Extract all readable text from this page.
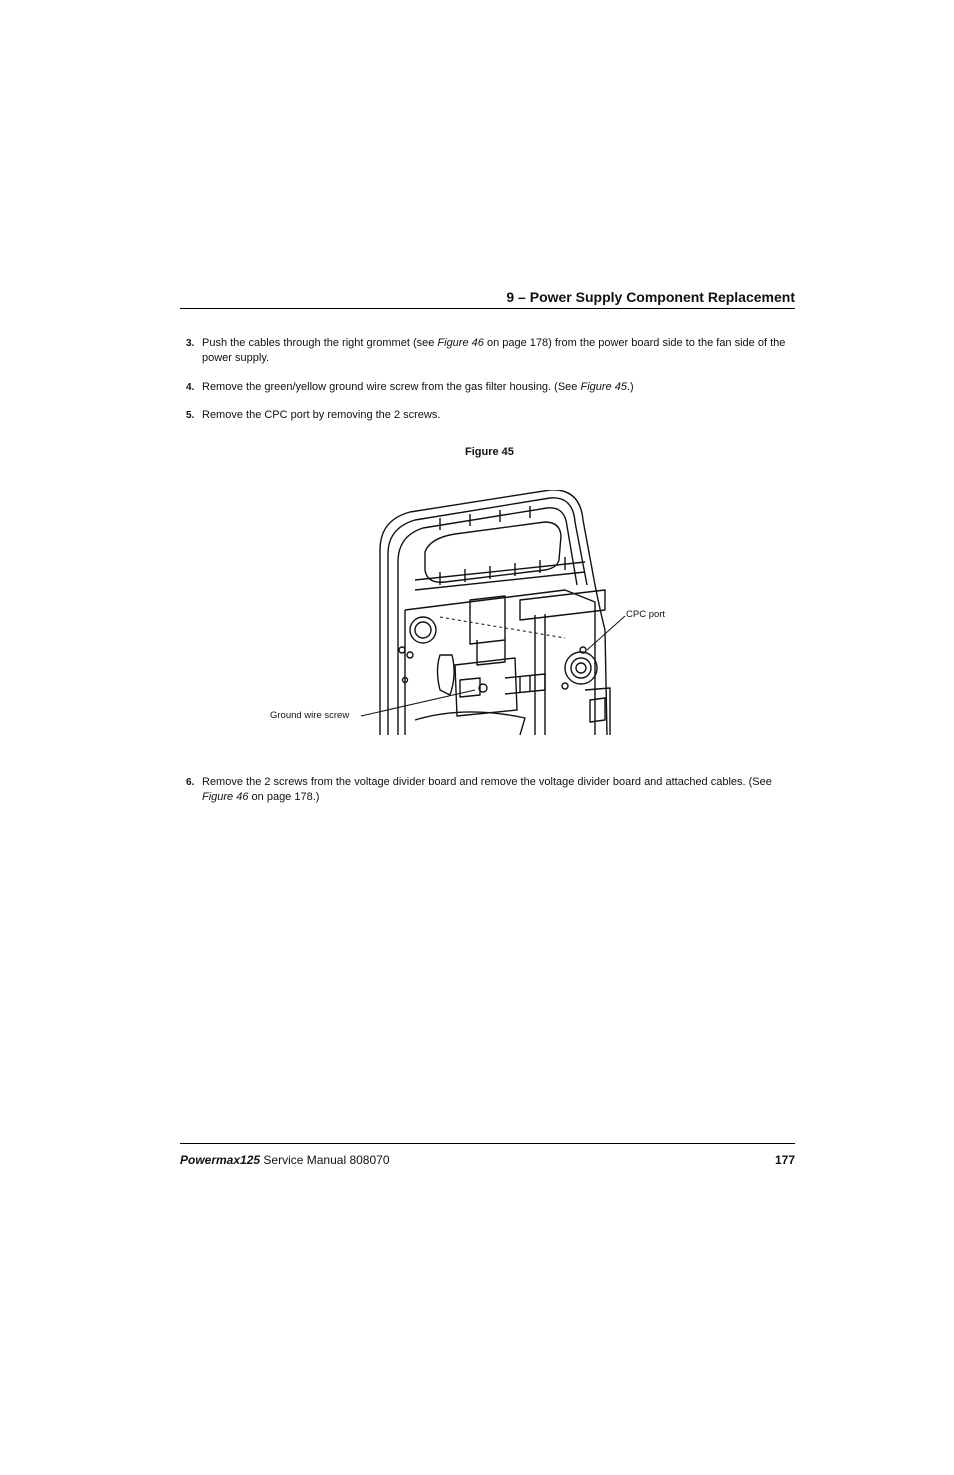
9 – Power Supply Component Replacement
3. Push the cables through the right grommet (see Figure 46 on page 178) from the power board side to the fan side of the power supply.
4. Remove the green/yellow ground wire screw from the gas filter housing. (See Figure 45.)
5. Remove the CPC port by removing the 2 screws.
Figure 45
CPC port
Ground wire screw
6. Remove the 2 screws from the voltage divider board and remove the voltage divider board and attached cables. (See Figure 46 on page 178.)
Powermax125 Service Manual 808070	177
